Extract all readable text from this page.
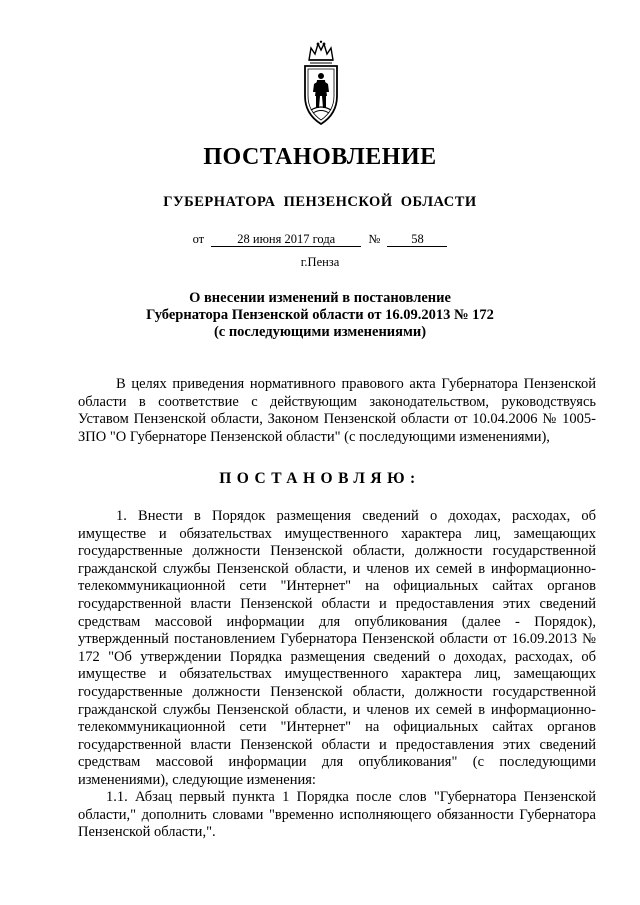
ПОСТАНОВЛЕНИЕ
ГУБЕРНАТОРА ПЕНЗЕНСКОЙ ОБЛАСТИ
от	28 июня 2017 года	№ 58
г.Пенза
О внесении изменений в постановление
Губернатора Пензенской области от 16.09.2013 № 172
(с последующими изменениями)
В целях приведения нормативного правового акта Губернатора Пензенской области в соответствие с действующим законодательством, руководствуясь Уставом Пензенской области, Законом Пензенской области от 10.04.2006 № 1005-ЗПО "О Губернаторе Пензенской области" (с последующими изменениями),
ПОСТАНОВЛЯЮ:
1. Внести в Порядок размещения сведений о доходах, расходах, об имуществе и обязательствах имущественного характера лиц, замещающих государственные должности Пензенской области, должности государственной гражданской службы Пензенской области, и членов их семей в информационно-телекоммуникационной сети "Интернет" на официальных сайтах органов государственной власти Пензенской области и предоставления этих сведений средствам массовой информации для опубликования (далее - Порядок), утвержденный постановлением Губернатора Пензенской области от 16.09.2013 № 172 "Об утверждении Порядка размещения сведений о доходах, расходах, об имуществе и обязательствах имущественного характера лиц, замещающих государственные должности Пензенской области, должности государственной гражданской службы Пензенской области, и членов их семей в информационно-телекоммуникационной сети "Интернет" на официальных сайтах органов государственной власти Пензенской области и предоставления этих сведений средствам массовой информации для опубликования" (с последующими изменениями), следующие изменения:
1.1. Абзац первый пункта 1 Порядка после слов "Губернатора Пензенской области," дополнить словами "временно исполняющего обязанности Губернатора Пензенской области,".
